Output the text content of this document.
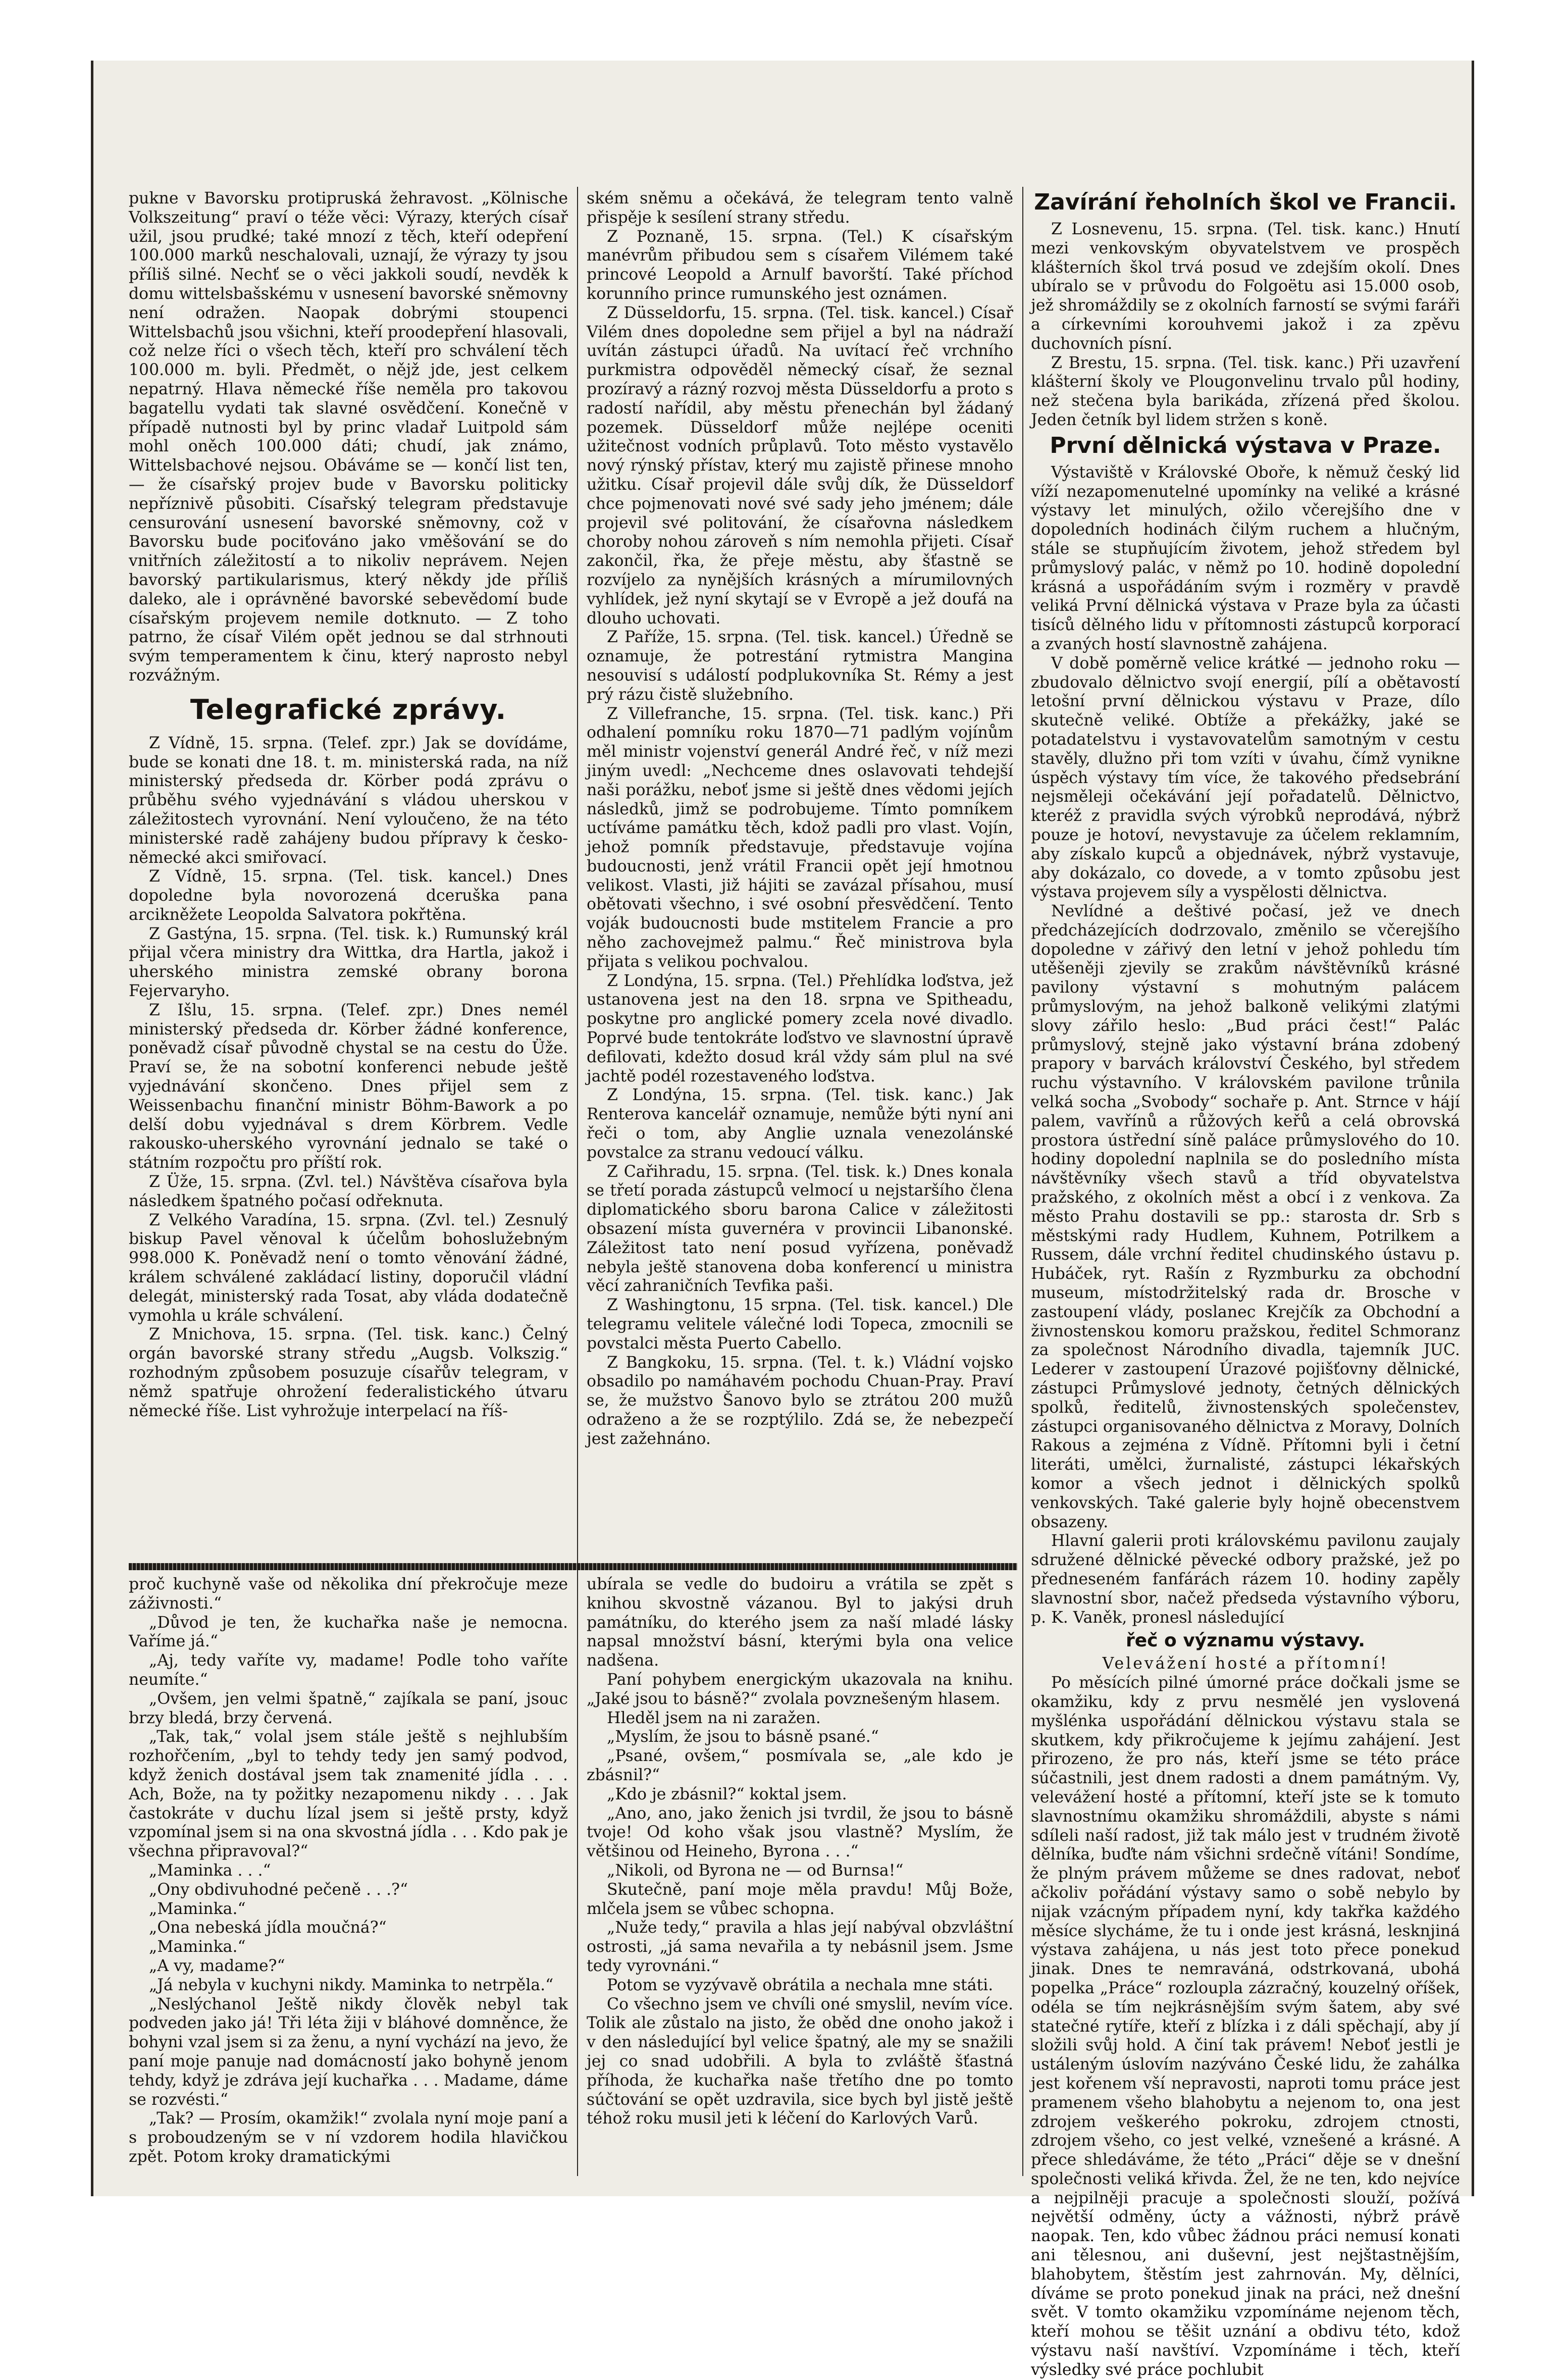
pukne v Bavorsku protipruská žehravost. „Kölnische Volkszeitung“ praví o téže věci: Výrazy, kterých císař užil, jsou prudké; také mnozí z těch, kteří odepření 100.000 marků neschalovali, uznají, že výrazy ty jsou příliš silné. Nechť se o věci jakkoli soudí, nevděk k domu wittelsbašskému v usnesení bavorské sněmovny není odražen. Naopak dobrými stoupenci Wittelsbachů jsou všichni, kteří proodepření hlasovali, což nelze říci o všech těch, kteří pro schválení těch 100.000 m. byli. Předmět, o nějž jde, jest celkem nepatrný. Hlava německé říše neměla pro takovou bagatellu vydati tak slavné osvědčení. Konečně v případě nutnosti byl by princ vladař Luitpold sám mohl oněch 100.000 dáti; chudí, jak známo, Wittelsbachové nejsou. Obáváme se — končí list ten, — že císařský projev bude v Bavorsku politicky nepříznivě působiti. Císařský telegram představuje censurování usnesení bavorské sněmovny, což v Bavorsku bude pociťováno jako vměšování se do vnitřních záležitostí a to nikoliv neprávem. Nejen bavorský partikularismus, který někdy jde příliš daleko, ale i oprávněné bavorské sebevědomí bude císařským projevem nemile dotknuto. — Z toho patrno, že císař Vilém opět jednou se dal strhnouti svým temperamentem k činu, který naprosto nebyl rozvážným.

Telegrafické zprávy.

Z Vídně, 15. srpna. (Telef. zpr.) Jak se dovídáme, bude se konati dne 18. t. m. ministerská rada, na níž ministerský předseda dr. Körber podá zprávu o průběhu svého vyjednávání s vládou uherskou v záležitostech vyrovnání. Není vyloučeno, že na této ministerské radě zahájeny budou přípravy k česko-německé akci smiřovací.

Z Vídně, 15. srpna. (Tel. tisk. kancel.) Dnes dopoledne byla novorozená dceruška pana arcikněžete Leopolda Salvatora pokřtěna.

Z Gastýna, 15. srpna. (Tel. tisk. k.) Rumunský král přijal včera ministry dra Wittka, dra Hartla, jakož i uherského ministra zemské obrany borona Fejervaryho.

Z Išlu, 15. srpna. (Telef. zpr.) Dnes nemél ministerský předseda dr. Körber žádné konference, poněvadž císař původně chystal se na cestu do Üže. Praví se, že na sobotní konferenci nebude ještě vyjednávání skončeno. Dnes přijel sem z Weissenbachu finanční ministr Böhm-Bawork a po delší dobu vyjednával s drem Körbrem. Vedle rakousko-uherského vyrovnání jednalo se také o státním rozpočtu pro příští rok.

Z Üže, 15. srpna. (Zvl. tel.) Návštěva císařova byla následkem špatného počasí odřeknuta.

Z Velkého Varadína, 15. srpna. (Zvl. tel.) Zesnulý biskup Pavel věnoval k účelům bohoslužebným 998.000 K. Poněvadž není o tomto věnování žádné, králem schválené zakládací listiny, doporučil vládní delegát, ministerský rada Tosat, aby vláda dodatečně vymohla u krále schválení.

Z Mnichova, 15. srpna. (Tel. tisk. kanc.) Čelný orgán bavorské strany středu „Augsb. Volkszig.“ rozhodným způsobem posuzuje císařův telegram, v němž spatřuje ohrožení federalistického útvaru německé říše. List vyhrožuje interpelací na říš-

ském sněmu a očekává, že telegram tento valně přispěje k sesílení strany středu.

Z Poznaně, 15. srpna. (Tel.) K císařským manévrům přibudou sem s císařem Vilémem také princové Leopold a Arnulf bavorští. Také příchod korunního prince rumunského jest oznámen.

Z Düsseldorfu, 15. srpna. (Tel. tisk. kancel.) Císař Vilém dnes dopoledne sem přijel a byl na nádraží uvítán zástupci úřadů. Na uvítací řeč vrchního purkmistra odpověděl německý císař, že seznal prozíravý a rázný rozvoj města Düsseldorfu a proto s radostí nařídil, aby městu přenechán byl žádaný pozemek. Düsseldorf může nejlépe oceniti užitečnost vodních průplavů. Toto město vystavělo nový rýnský přístav, který mu zajistě přinese mnoho užitku. Císař projevil dále svůj dík, že Düsseldorf chce pojmenovati nové své sady jeho jménem; dále projevil své politování, že císařovna následkem choroby nohou zároveň s ním nemohla přijeti. Císař zakončil, řka, že přeje městu, aby šťastně se rozvíjelo za nynějších krásných a mírumilovných vyhlídek, jež nyní skytají se v Evropě a jež doufá na dlouho uchovati.

Z Paříže, 15. srpna. (Tel. tisk. kancel.) Úředně se oznamuje, že potrestání rytmistra Mangina nesouvisí s událostí podplukovníka St. Rémy a jest prý rázu čistě služebního.

Z Villefranche, 15. srpna. (Tel. tisk. kanc.) Při odhalení pomníku roku 1870—71 padlým vojínům měl ministr vojenství generál André řeč, v níž mezi jiným uvedl: „Nechceme dnes oslavovati tehdejší naši porážku, neboť jsme si ještě dnes vědomi jejích následků, jimž se podrobujeme. Tímto pomníkem uctíváme památku těch, kdož padli pro vlast. Vojín, jehož pomník představuje, představuje vojína budoucnosti, jenž vrátil Francii opět její hmotnou velikost. Vlasti, již hájiti se zavázal přísahou, musí obětovati všechno, i své osobní přesvědčení. Tento voják budoucnosti bude mstitelem Francie a pro něho zachovejmež palmu.“ Řeč ministrova byla přijata s velikou pochvalou.

Z Londýna, 15. srpna. (Tel.) Přehlídka loďstva, jež ustanovena jest na den 18. srpna ve Spitheadu, poskytne pro anglické pomery zcela nové divadlo. Poprvé bude tentokráte loďstvo ve slavnostní úpravě defilovati, kdežto dosud král vždy sám plul na své jachtě podél rozestaveného loďstva.

Z Londýna, 15. srpna. (Tel. tisk. kanc.) Jak Renterova kancelář oznamuje, nemůže býti nyní ani řeči o tom, aby Anglie uznala venezolánské povstalce za stranu vedoucí válku.

Z Cařihradu, 15. srpna. (Tel. tisk. k.) Dnes konala se třetí porada zástupců velmocí u nejstaršího člena diplomatického sboru barona Calice v záležitosti obsazení místa guvernéra v provincii Libanonské. Záležitost tato není posud vyřízena, poněvadž nebyla ještě stanovena doba konferencí u ministra věcí zahraničních Tevfika paši.

Z Washingtonu, 15 srpna. (Tel. tisk. kancel.) Dle telegramu velitele válečné lodi Topeca, zmocnili se povstalci města Puerto Cabello.

Z Bangkoku, 15. srpna. (Tel. t. k.) Vládní vojsko obsadilo po namáhavém pochodu Chuan-Pray. Praví se, že mužstvo Šanovo bylo se ztrátou 200 mužů odraženo a že se rozptýlilo. Zdá se, že nebezpečí jest zažehnáno.

proč kuchyně vaše od několika dní překročuje meze záživnosti.“

„Důvod je ten, že kuchařka naše je nemocna. Vaříme já.“

„Aj, tedy vaříte vy, madame! Podle toho vaříte neumíte.“

„Ovšem, jen velmi špatně,“ zajíkala se paní, jsouc brzy bledá, brzy červená.

„Tak, tak,“ volal jsem stále ještě s nejhlubším rozhořčením, „byl to tehdy tedy jen samý podvod, když ženich dostával jsem tak znamenité jídla . . . Ach, Bože, na ty požitky nezapomenu nikdy . . . Jak častokráte v duchu lízal jsem si ještě prsty, když vzpomínal jsem si na ona skvostná jídla . . . Kdo pak je všechna připravoval?“

„Maminka . . .“

„Ony obdivuhodné pečeně . . .?“

„Maminka.“

„Ona nebeská jídla moučná?“

„Maminka.“

„A vy, madame?“

„Já nebyla v kuchyni nikdy. Maminka to netrpěla.“

„Neslýchanol Ještě nikdy člověk nebyl tak podveden jako já! Tři léta žiji v bláhové domněnce, že bohyni vzal jsem si za ženu, a nyní vychází na jevo, že paní moje panuje nad domácností jako bohyně jenom tehdy, když je zdráva její kuchařka . . . Madame, dáme se rozvésti.“

„Tak? — Prosím, okamžik!“ zvolala nyní moje paní a s proboudzeným se v ní vzdorem hodila hlavičkou zpět. Potom kroky dramatickými

ubírala se vedle do budoiru a vrátila se zpět s knihou skvostně vázanou. Byl to jakýsi druh památníku, do kterého jsem za naší mladé lásky napsal množství básní, kterými byla ona velice nadšena.

Paní pohybem energickým ukazovala na knihu. „Jaké jsou to básně?“ zvolala povznešeným hlasem.

Hleděl jsem na ni zaražen.

„Myslím, že jsou to básně psané.“

„Psané, ovšem,“ posmívala se, „ale kdo je zbásnil?“

„Kdo je zbásnil?“ koktal jsem.

„Ano, ano, jako ženich jsi tvrdil, že jsou to básně tvoje! Od koho však jsou vlastně? Myslím, že většinou od Heineho, Byrona . . .“

„Nikoli, od Byrona ne — od Burnsa!“

Skutečně, paní moje měla pravdu! Můj Bože, mlčela jsem se vůbec schopna.

„Nuže tedy,“ pravila a hlas její nabýval obzvláštní ostrosti, „já sama nevařila a ty nebásnil jsem. Jsme tedy vyrovnáni.“

Potom se vyzývavě obrátila a nechala mne státi.

Co všechno jsem ve chvíli oné smyslil, nevím více. Tolik ale zůstalo na jisto, že oběd dne onoho jakož i v den následující byl velice špatný, ale my se snažili jej co snad udobřili. A byla to zvláště šťastná příhoda, že kuchařka naše třetího dne po tomto súčtování se opět uzdravila, sice bych byl jistě ještě téhož roku musil jeti k léčení do Karlových Varů.

Zavírání řeholních škol ve Francii.

Z Losnevenu, 15. srpna. (Tel. tisk. kanc.) Hnutí mezi venkovským obyvatelstvem ve prospěch klášterních škol trvá posud ve zdejším okolí. Dnes ubíralo se v průvodu do Folgoëtu asi 15.000 osob, jež shromáždily se z okolních farností se svými faráři a církevními korouhvemi jakož i za zpěvu duchovních písní.

Z Brestu, 15. srpna. (Tel. tisk. kanc.) Při uzavření klášterní školy ve Plougonvelinu trvalo půl hodiny, než stečena byla barikáda, zřízená před školou. Jeden četník byl lidem stržen s koně.

První dělnická výstava v Praze.

Výstaviště v Královské Oboře, k němuž český lid víží nezapomenutelné upomínky na veliké a krásné výstavy let minulých, ožilo včerejšího dne v dopoledních hodinách čilým ruchem a hlučným, stále se stupňujícím životem, jehož středem byl průmyslový palác, v němž po 10. hodině dopolední krásná a uspořádáním svým i rozměry v pravdě veliká První dělnická výstava v Praze byla za účasti tisíců dělného lidu v přítomnosti zástupců korporací a zvaných hostí slavnostně zahájena.

V době poměrně velice krátké — jednoho roku — zbudovalo dělnictvo svojí energií, pílí a obětavostí letošní první dělnickou výstavu v Praze, dílo skutečně veliké. Obtíže a překážky, jaké se potadatelstvu i vystavovatelům samotným v cestu stavěly, dlužno při tom vzíti v úvahu, čímž vynikne úspěch výstavy tím více, že takového předsebrání nejsměleji očekávání její pořadatelů. Dělnictvo, kteréž z pravidla svých výrobků neprodává, nýbrž pouze je hotoví, nevystavuje za účelem reklamním, aby získalo kupců a objednávek, nýbrž vystavuje, aby dokázalo, co dovede, a v tomto způsobu jest výstava projevem síly a vyspělosti dělnictva.

Nevlídné a deštivé počasí, jež ve dnech předcházejících dodrzovalo, změnilo se včerejšího dopoledne v zářivý den letní v jehož pohledu tím utěšeněji zjevily se zrakům návštěvníků krásné pavilony výstavní s mohutným palácem průmyslovým, na jehož balkoně velikými zlatými slovy zářilo heslo: „Bud práci čest!“ Palác průmyslový, stejně jako výstavní brána zdobený prapory v barvách království Českého, byl středem ruchu výstavního. V královském pavilone trůnila velká socha „Svobody“ sochaře p. Ant. Strnce v hájí palem, vavřínů a růžových keřů a celá obrovská prostora ústřední síně paláce průmyslového do 10. hodiny dopolední naplnila se do posledního místa návštěvníky všech stavů a tříd obyvatelstva pražského, z okolních měst a obcí i z venkova. Za město Prahu dostavili se pp.: starosta dr. Srb s městskými rady Hudlem, Kuhnem, Potrilkem a Russem, dále vrchní ředitel chudinského ústavu p. Hubáček, ryt. Rašín z Ryzmburku za obchodní museum, místodržitelský rada dr. Brosche v zastoupení vlády, poslanec Krejčík za Obchodní a živnostenskou komoru pražskou, ředitel Schmoranz za společnost Národního divadla, tajemník JUC. Lederer v zastoupení Úrazové pojišťovny dělnické, zástupci Průmyslové jednoty, četných dělnických spolků, ředitelů, živnostenských společenstev, zástupci organisovaného dělnictva z Moravy, Dolních Rakous a zejména z Vídně. Přítomni byli i četní literáti, umělci, žurnalisté, zástupci lékařských komor a všech jednot i dělnických spolků venkovských. Také galerie byly hojně obecenstvem obsazeny.

Hlavní galerii proti královskému pavilonu zaujaly sdružené dělnické pěvecké odbory pražské, jež po předneseném fanfárách rázem 10. hodiny zapěly slavnostní sbor, načež předseda výstavního výboru, p. K. Vaněk, pronesl následující

řeč o významu výstavy.

Velevážení hosté a přítomní!

Po měsících pilné úmorné práce dočkali jsme se okamžiku, kdy z prvu nesmělé jen vyslovená myšlénka uspořádání dělnickou výstavu stala se skutkem, kdy přikročujeme k jejímu zahájení. Jest přirozeno, že pro nás, kteří jsme se této práce súčastnili, jest dnem radosti a dnem památným. Vy, velevážení hosté a přítomní, kteří jste se k tomuto slavnostnímu okamžiku shromáždili, abyste s námi sdíleli naší radost, již tak málo jest v trudném životě dělníka, buďte nám všichni srdečně vítáni! Sondíme, že plným právem můžeme se dnes radovat, neboť ačkoliv pořádání výstavy samo o sobě nebylo by nijak vzácným případem nyní, kdy takřka každého měsíce slycháme, že tu i onde jest krásná, lesknjiná výstava zahájena, u nás jest toto přece ponekud jinak. Dnes te nemraváná, odstrkovaná, ubohá popelka „Práce“ rozloupla zázračný, kouzelný oříšek, odéla se tím nejkrásnějším svým šatem, aby své statečné rytíře, kteří z blízka i z dáli spěchají, aby jí složili svůj hold. A činí tak právem! Neboť jestli je ustáleným úslovím nazýváno České lidu, že zahálka jest kořenem vší nepravosti, naproti tomu práce jest pramenem všeho blahobytu a nejenom to, ona jest zdrojem veškerého pokroku, zdrojem ctnosti, zdrojem všeho, co jest velké, vznešené a krásné. A přece shledáváme, že této „Práci“ děje se v dnešní společnosti veliká křivda. Žel, že ne ten, kdo nejvíce a nejpilněji pracuje a společnosti slouží, požívá největší odměny, úcty a vážnosti, nýbrž právě naopak. Ten, kdo vůbec žádnou práci nemusí konati ani tělesnou, ani duševní, jest nejštastnějším, blahobytem, štěstím jest zahrnován. My, dělníci, díváme se proto ponekud jinak na práci, než dnešní svět. V tomto okamžiku vzpomínáme nejenom těch, kteří mohou se těšit uznání a obdivu této, kdož výstavu naší navštíví. Vzpomínáme i těch, kteří výsledky své práce pochlubit
